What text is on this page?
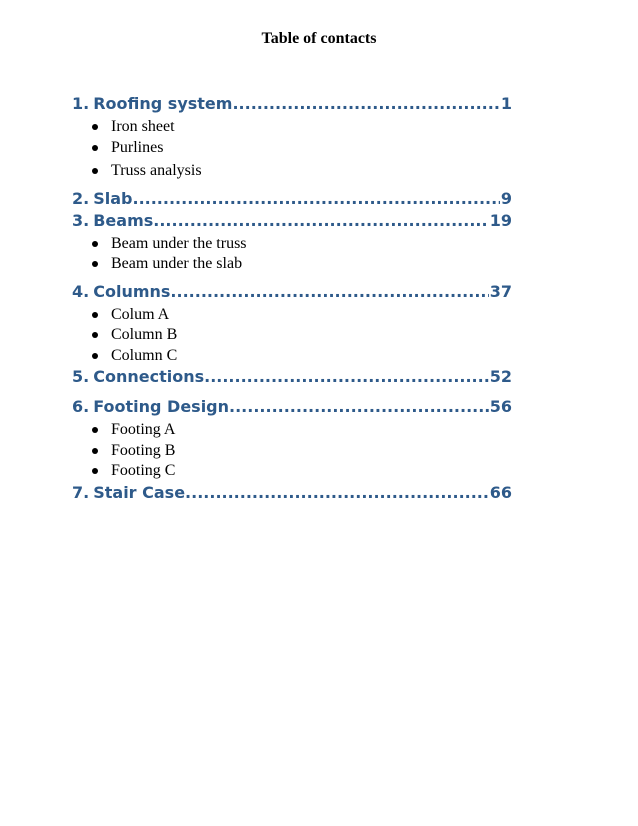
Table of contacts
1. Roofing system .....	1
Iron sheet
Purlines
Truss analysis
2. Slab .....	9
3. Beams .....	19
Beam under the truss
Beam under the slab
4. Columns .....	37
Colum A
Column B
Column C
5. Connections .....	52
6. Footing Design .....	56
Footing A
Footing B
Footing C
7. Stair Case .....	66
